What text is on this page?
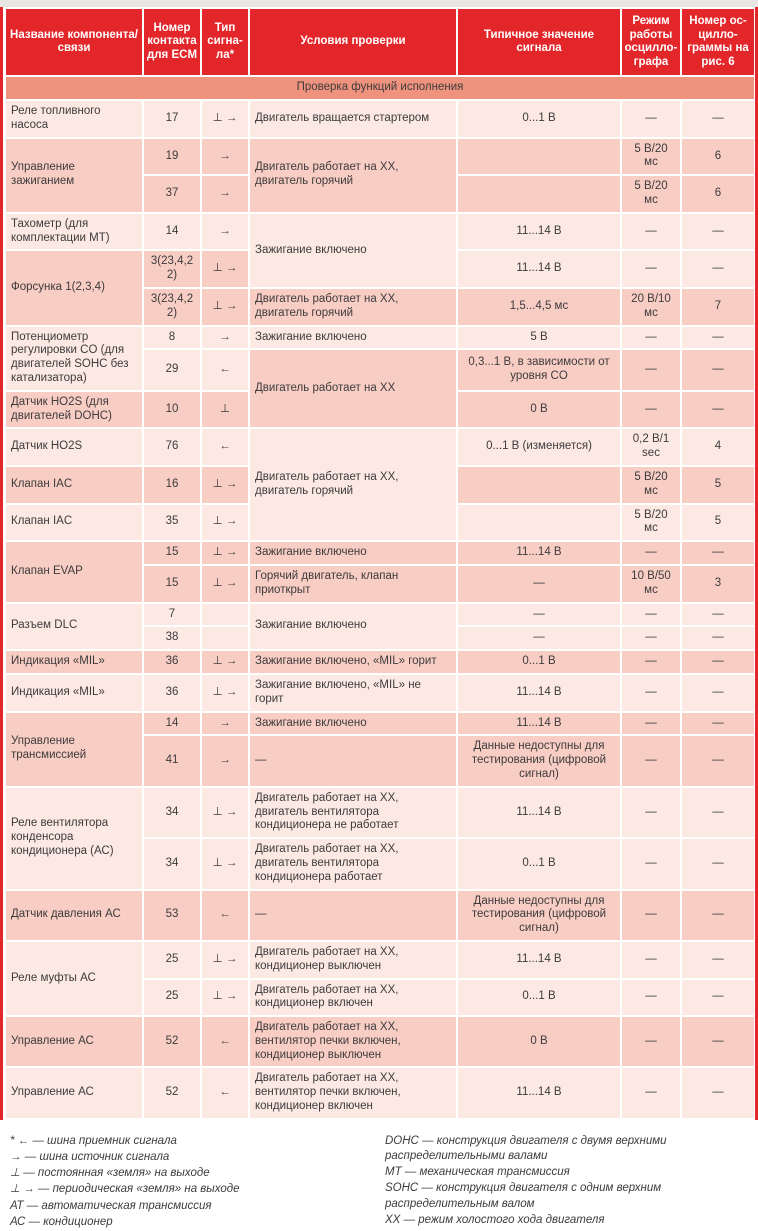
Название компонента/связи	Номер контакта для ECM	Тип сигна-ла*	Условия проверки	Типичное значение сигнала	Режим работы осцилло-графа	Номер ос-цилло-граммы на рис. 6
Проверка функций исполнения						
Реле топливного насоса	17	⊥ →	Двигатель вращается стартером	0...1 В	—	—
Управление зажиганием	19	→	Двигатель работает на ХХ, двигатель горячий		5 В/20 мс	6
	37	→			5 В/20 мс	6
Тахометр (для комплектации МТ)	14	→	Зажигание включено	11...14 В	—	—
Форсунка 1(2,3,4)	3(23,4,22)	⊥ →		11...14 В	—	—
	3(23,4,22)	⊥ →	Двигатель работает на ХХ, двигатель горячий	1,5...4,5 мс	20 В/10 мс	7
Потенциометр регулировки CO (для двигателей SOHC без катализатора)	8	→	Зажигание включено	5 В	—	—
	29	←	Двигатель работает на ХХ	0,3...1 В, в зависимости от уровня CO	—	—
Датчик HO2S (для двигателей DOHC)	10	⊥		0 В	—	—
Датчик HO2S	76	←	Двигатель работает на ХХ, двигатель горячий	0...1 В (изменяется)	0,2 В/1 sec	4
Клапан IAC	16	⊥ →			5 В/20 мс	5
Клапан IAC	35	⊥ →			5 В/20 мс	5
Клапан EVAP	15	⊥ →	Зажигание включено	11...14 В	—	—
	15	⊥ →	Горячий двигатель, клапан приоткрыт	—	10 В/50 мс	3
Разъем DLC	7		Зажигание включено	—	—	—
	38			—	—	—
Индикация «MIL»	36	⊥ →	Зажигание включено, «MIL» горит	0...1 В	—	—
Индикация «MIL»	36	⊥ →	Зажигание включено, «MIL» не горит	11...14 В	—	—
Управление трансмиссией	14	→	Зажигание включено	11...14 В	—	—
	41	→	—	Данные недоступны для тестирования (цифровой сигнал)	—	—
Реле вентилятора конденсора кондиционера (АС)	34	⊥ →	Двигатель работает на ХХ, двигатель вентилятора кондиционера не работает	11...14 В	—	—
	34	⊥ →	Двигатель работает на ХХ, двигатель вентилятора кондиционера работает	0...1 В	—	—
Датчик давления АС	53	←	—	Данные недоступны для тестирования (цифровой сигнал)	—	—
Реле муфты АС	25	⊥ →	Двигатель работает на ХХ, кондиционер выключен	11...14 В	—	—
	25	⊥ →	Двигатель работает на ХХ, кондиционер включен	0...1 В	—	—
Управление АС	52	←	Двигатель работает на ХХ, вентилятор печки включен, кондиционер выключен	0 В	—	—
Управление АС	52	←	Двигатель работает на ХХ, вентилятор печки включен, кондиционер включен	11...14 В	—	—
* ← — шина приемник сигнала
→ — шина источник сигнала
⊥ — постоянная «земля» на выходе
⊥ → — периодическая «земля» на выходе
АТ — автоматическая трансмиссия
АС — кондиционер
DOHC — конструкция двигателя с двумя верхними распределительными валами
МТ — механическая трансмиссия
SOHC — конструкция двигателя с одним верхним распределительным валом
ХХ — режим холостого хода двигателя
